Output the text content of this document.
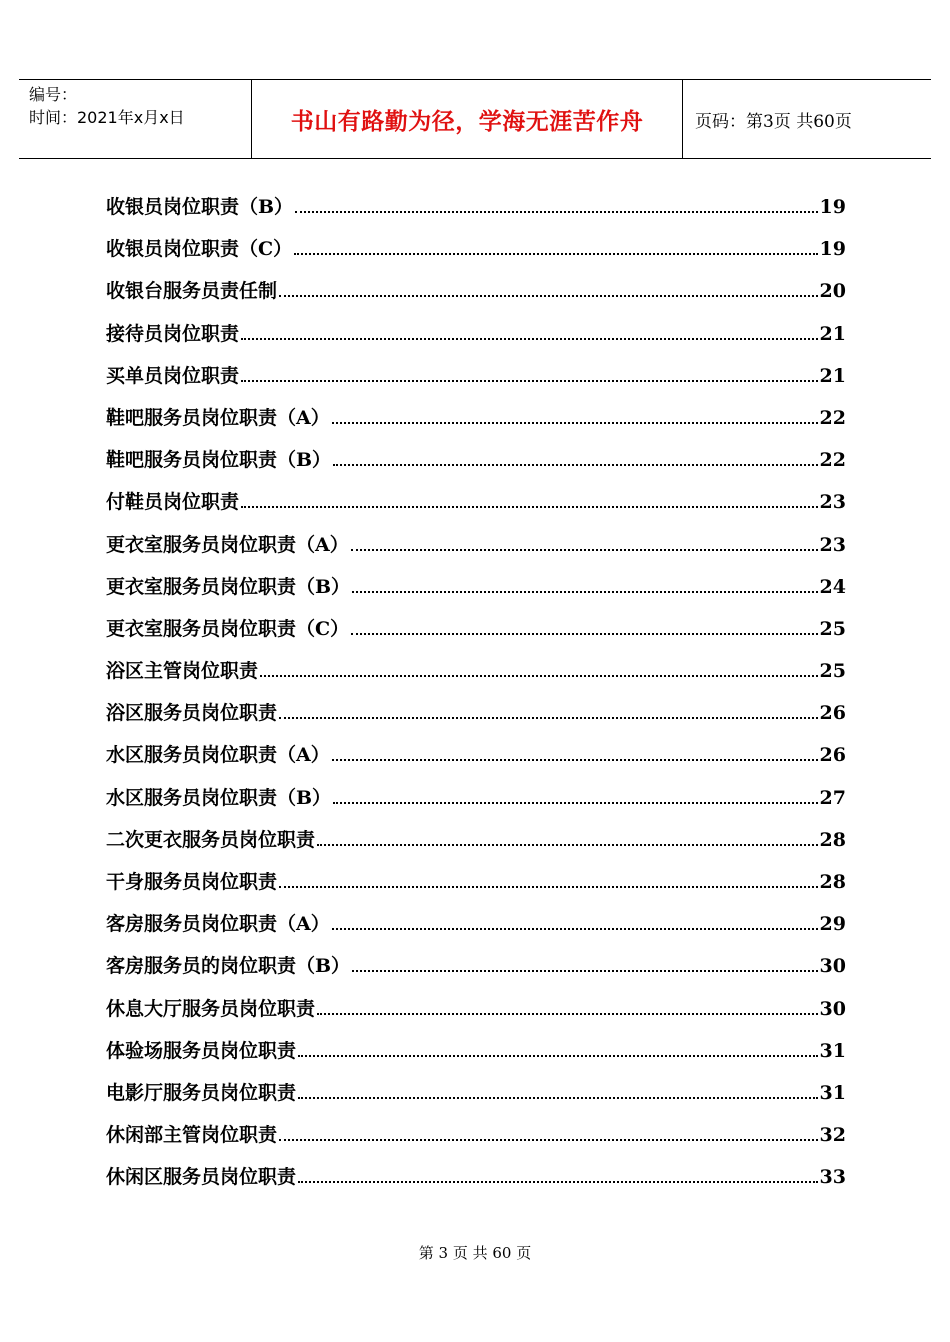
编号：
时间：2021年x月x日	书山有路勤为径，学海无涯苦作舟	页码：第3页 共60页
收银员岗位职责（B）	19
收银员岗位职责（C）	19
收银台服务员责任制	20
接待员岗位职责	21
买单员岗位职责	21
鞋吧服务员岗位职责（A）	22
鞋吧服务员岗位职责（B）	22
付鞋员岗位职责	23
更衣室服务员岗位职责（A）	23
更衣室服务员岗位职责（B）	24
更衣室服务员岗位职责（C）	25
浴区主管岗位职责	25
浴区服务员岗位职责	26
水区服务员岗位职责（A）	26
水区服务员岗位职责（B）	27
二次更衣服务员岗位职责	28
干身服务员岗位职责	28
客房服务员岗位职责（A）	29
客房服务员的岗位职责（B）	30
休息大厅服务员岗位职责	30
体验场服务员岗位职责	31
电影厅服务员岗位职责	31
休闲部主管岗位职责	32
休闲区服务员岗位职责	33
第 3 页 共 60 页
